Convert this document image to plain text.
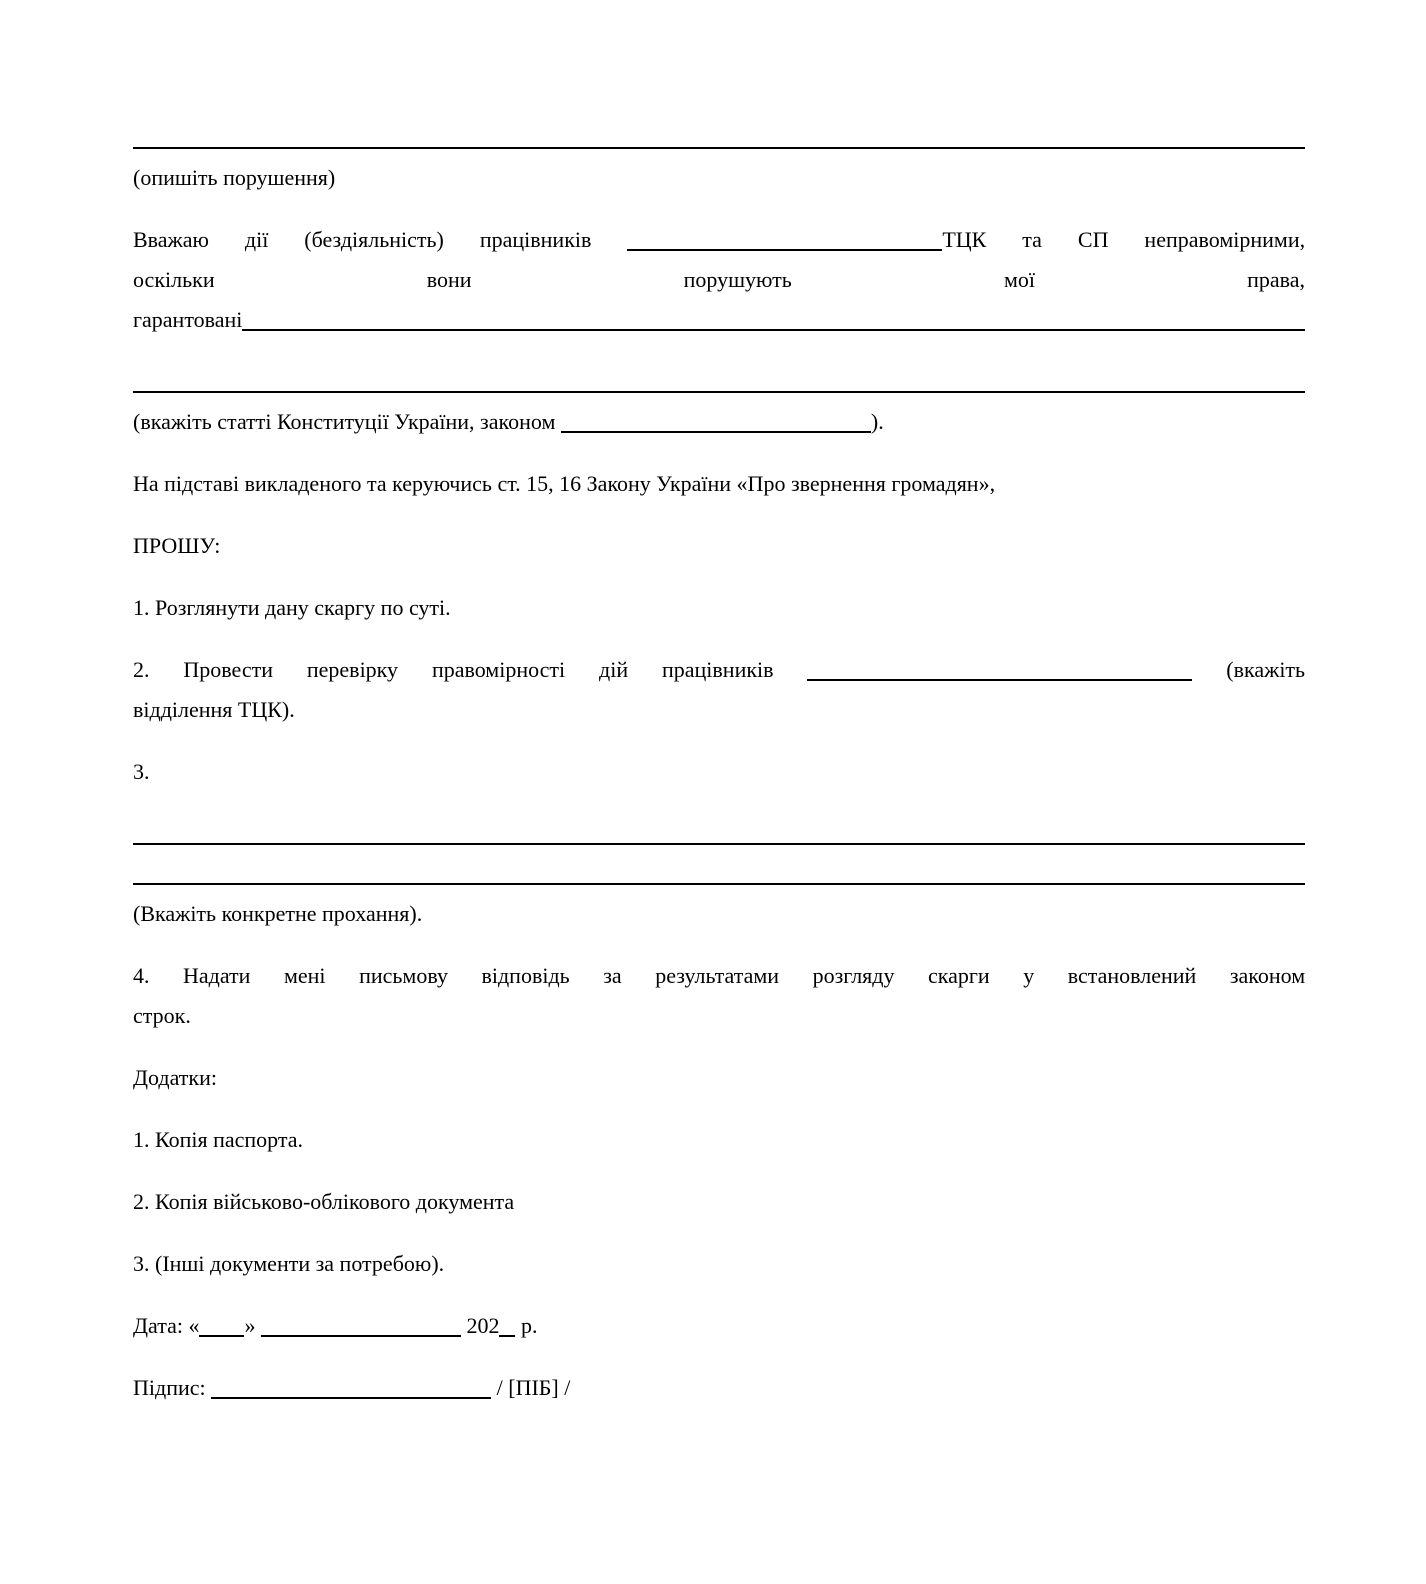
(опишіть порушення)
Вважаю дії (бездіяльність) працівників	ТЦК та СП неправомірними,
оскільки	вони	порушують	мої	права,
гарантовані
(вкажіть статті Конституції України, законом	).
На підставі викладеного та керуючись ст. 15, 16 Закону України «Про звернення громадян»,
ПРОШУ:
1. Розглянути дану скаргу по суті.
2. Провести перевірку правомірності дій працівників	(вкажіть
відділення ТЦК).
3.
(Вкажіть конкретне прохання).
4. Надати мені письмову відповідь за результатами розгляду скарги у встановлений законом
строк.
Додатки:
1. Копія паспорта.
2. Копія військово-облікового документа
3. (Інші документи за потребою).
Дата: « »	202 р.
Підпис:	/ [ПІБ] /
